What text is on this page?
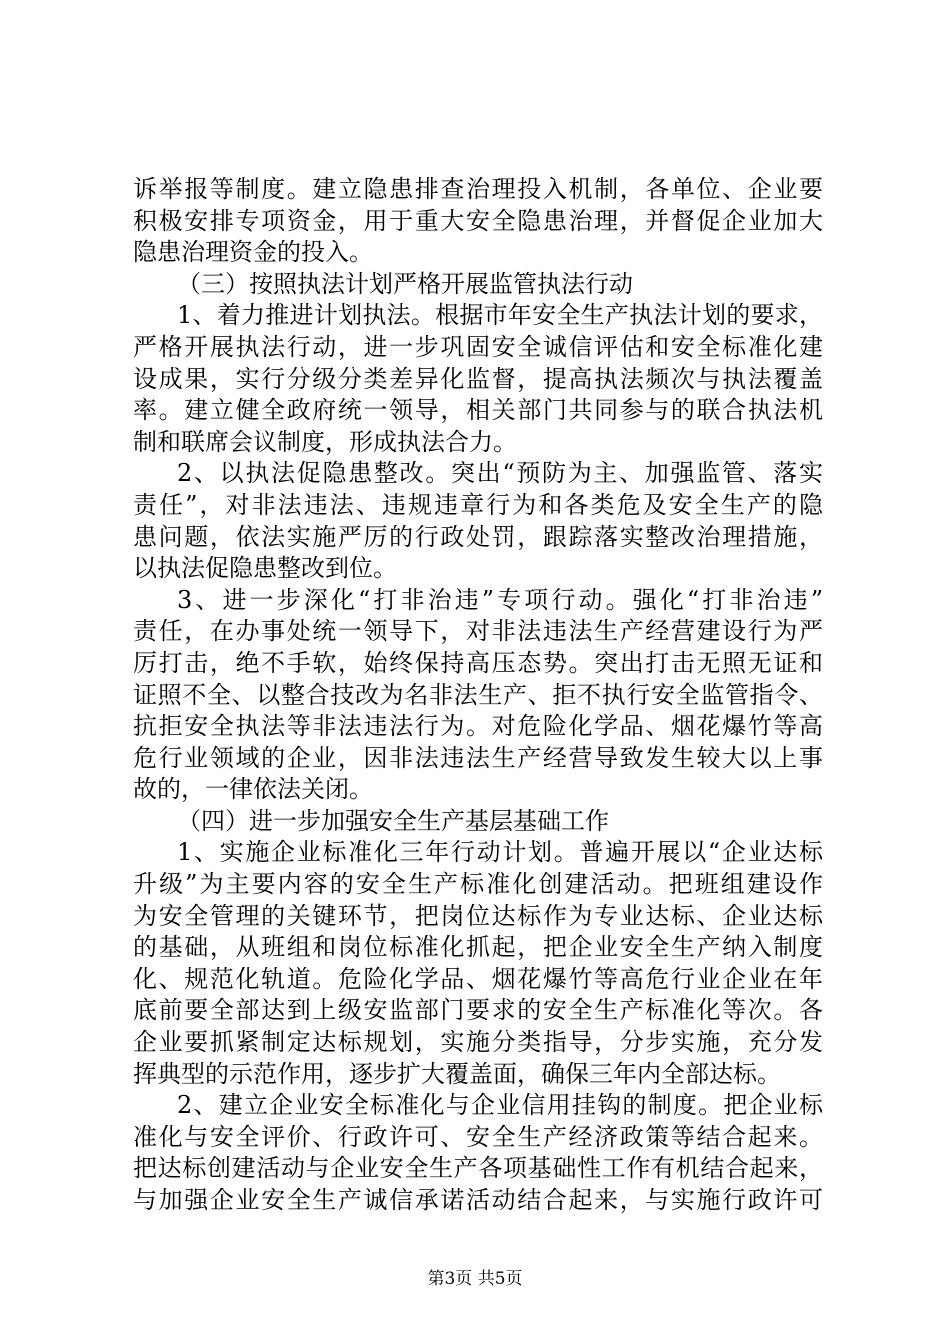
诉举报等制度。建立隐患排查治理投入机制，各单位、企业要
积极安排专项资金，用于重大安全隐患治理，并督促企业加大
隐患治理资金的投入。
（三）按照执法计划严格开展监管执法行动
1、着力推进计划执法。根据市年安全生产执法计划的要求，
严格开展执法行动，进一步巩固安全诚信评估和安全标准化建
设成果，实行分级分类差异化监督，提高执法频次与执法覆盖
率。建立健全政府统一领导，相关部门共同参与的联合执法机
制和联席会议制度，形成执法合力。
2、以执法促隐患整改。突出“预防为主、加强监管、落实
责任”，对非法违法、违规违章行为和各类危及安全生产的隐
患问题，依法实施严厉的行政处罚，跟踪落实整改治理措施，
以执法促隐患整改到位。
3、进一步深化“打非治违”专项行动。强化“打非治违”
责任，在办事处统一领导下，对非法违法生产经营建设行为严
厉打击，绝不手软，始终保持高压态势。突出打击无照无证和
证照不全、以整合技改为名非法生产、拒不执行安全监管指令、
抗拒安全执法等非法违法行为。对危险化学品、烟花爆竹等高
危行业领域的企业，因非法违法生产经营导致发生较大以上事
故的，一律依法关闭。
（四）进一步加强安全生产基层基础工作
1、实施企业标准化三年行动计划。普遍开展以“企业达标
升级”为主要内容的安全生产标准化创建活动。把班组建设作
为安全管理的关键环节，把岗位达标作为专业达标、企业达标
的基础，从班组和岗位标准化抓起，把企业安全生产纳入制度
化、规范化轨道。危险化学品、烟花爆竹等高危行业企业在年
底前要全部达到上级安监部门要求的安全生产标准化等次。各
企业要抓紧制定达标规划，实施分类指导，分步实施，充分发
挥典型的示范作用，逐步扩大覆盖面，确保三年内全部达标。
2、建立企业安全标准化与企业信用挂钩的制度。把企业标
准化与安全评价、行政许可、安全生产经济政策等结合起来。
把达标创建活动与企业安全生产各项基础性工作有机结合起来，
与加强企业安全生产诚信承诺活动结合起来，与实施行政许可
第3页 共5页
